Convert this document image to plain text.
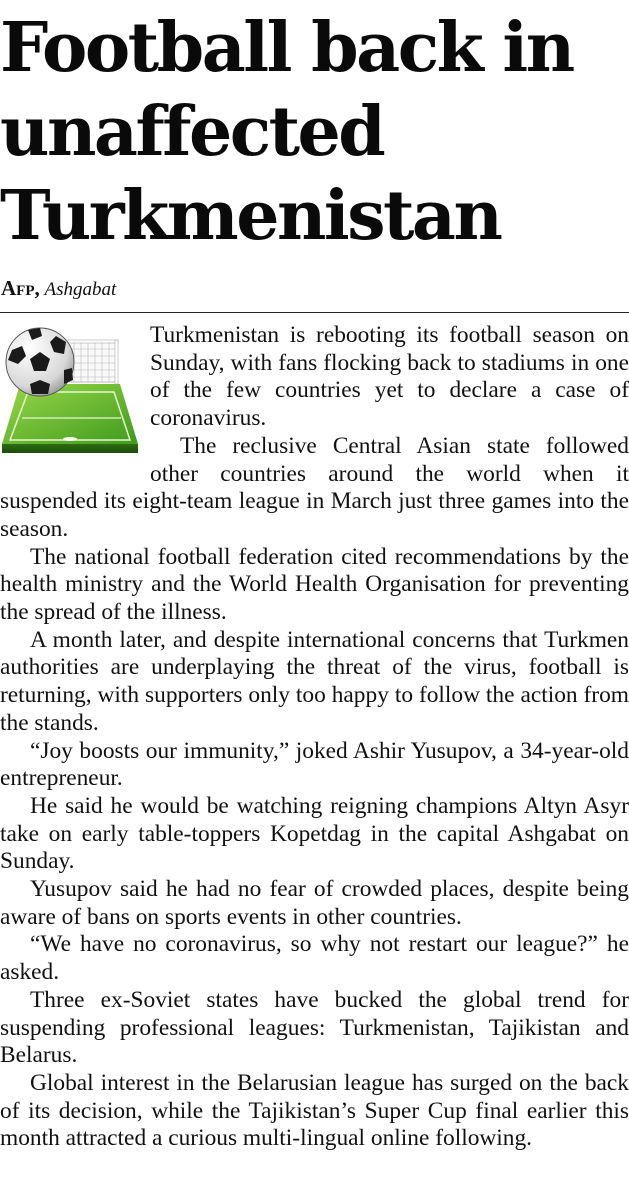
Football back in unaffected Turkmenistan
Afp, Ashgabat

Turkmenistan is rebooting its football season on Sunday, with fans flocking back to stadiums in one of the few countries yet to declare a case of coronavirus.

The reclusive Central Asian state followed other countries around the world when it suspended its eight-team league in March just three games into the season.

The national football federation cited recommendations by the health ministry and the World Health Organisation for preventing the spread of the illness.

A month later, and despite international concerns that Turkmen authorities are underplaying the threat of the virus, football is returning, with supporters only too happy to follow the action from the stands.

“Joy boosts our immunity,” joked Ashir Yusupov, a 34-year-old entrepreneur.

He said he would be watching reigning champions Altyn Asyr take on early table-toppers Kopetdag in the capital Ashgabat on Sunday.

Yusupov said he had no fear of crowded places, despite being aware of bans on sports events in other countries.

“We have no coronavirus, so why not restart our league?” he asked.

Three ex-Soviet states have bucked the global trend for suspending professional leagues: Turkmenistan, Tajikistan and Belarus.

Global interest in the Belarusian league has surged on the back of its decision, while the Tajikistan’s Super Cup final earlier this month attracted a curious multi-lingual online following.
